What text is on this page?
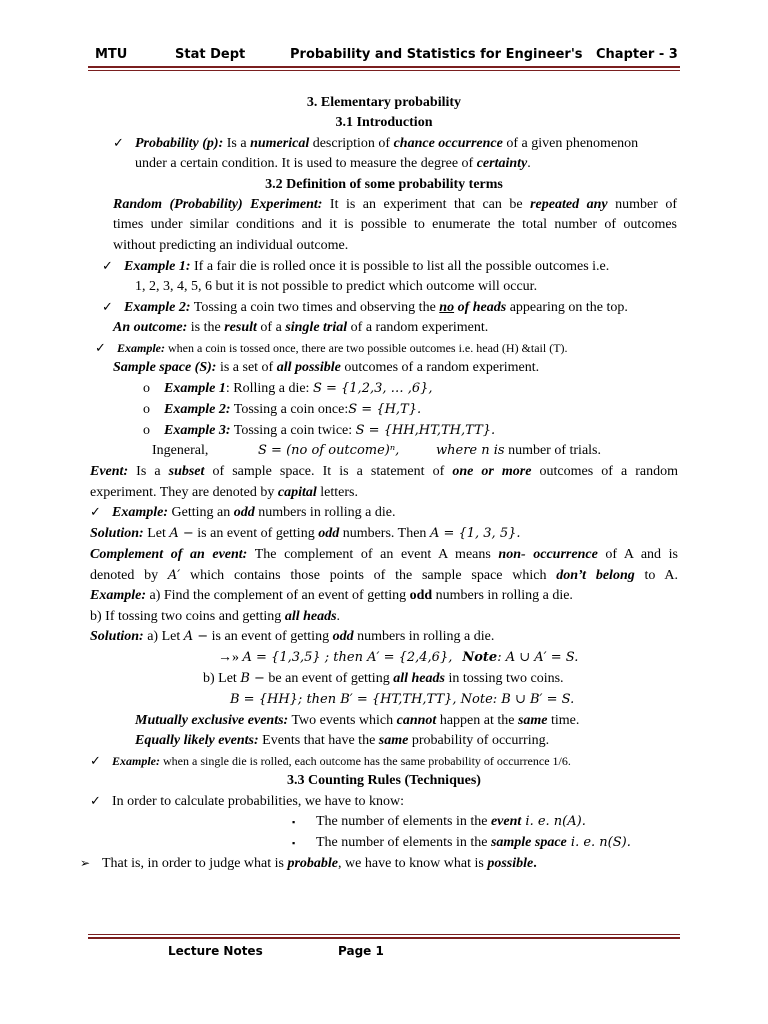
MTU	Stat Dept	Probability and Statistics for Engineer's Chapter - 3
3. Elementary probability
3.1 Introduction
✓ Probability (p): Is a numerical description of chance occurrence of a given phenomenon
under a certain condition. It is used to measure the degree of certainty.
3.2 Definition of some probability terms
Random (Probability) Experiment: It is an experiment that can be repeated any number of
times under similar conditions and it is possible to enumerate the total number of outcomes
without predicting an individual outcome.
✓ Example 1: If a fair die is rolled once it is possible to list all the possible outcomes i.e.
1, 2, 3, 4, 5, 6 but it is not possible to predict which outcome will occur.
✓ Example 2: Tossing a coin two times and observing the no of heads appearing on the top.
An outcome: is the result of a single trial of a random experiment.
✓ Example: when a coin is tossed once, there are two possible outcomes i.e. head (H) &tail (T).
Sample space (S): is a set of all possible outcomes of a random experiment.
o Example 1: Rolling a die: S = {1,2,3, … ,6},
o Example 2: Tossing a coin once:S = {H,T}.
o Example 3: Tossing a coin twice: S = {HH,HT,TH,TT}.
Ingeneral,	S = (no of outcome)ⁿ,	where n is number of trials.
Event: Is a subset of sample space. It is a statement of one or more outcomes of a random
experiment. They are denoted by capital letters.
✓ Example: Getting an odd numbers in rolling a die.
Solution: Let A − is an event of getting odd numbers. Then A = {1, 3, 5}.
Complement of an event: The complement of an event A means non- occurrence of A and is
denoted by A′ which contains those points of the sample space which don’t belong to A.
Example: a) Find the complement of an event of getting odd numbers in rolling a die.
b) If tossing two coins and getting all heads.
Solution: a) Let A − is an event of getting odd numbers in rolling a die.
→» A = {1,3,5} ; then A′ = {2,4,6}, Note: A ∪ A′ = S.
b) Let B − be an event of getting all heads in tossing two coins.
B = {HH}; then B′ = {HT,TH,TT}, Note: B ∪ B′ = S.
Mutually exclusive events: Two events which cannot happen at the same time.
Equally likely events: Events that have the same probability of occurring.
✓ Example: when a single die is rolled, each outcome has the same probability of occurrence 1/6.
3.3 Counting Rules (Techniques)
✓ In order to calculate probabilities, we have to know:
▪ The number of elements in the event i. e. n(A).
▪ The number of elements in the sample space i. e. n(S).
➢ That is, in order to judge what is probable, we have to know what is possible.
Lecture Notes	Page 1
